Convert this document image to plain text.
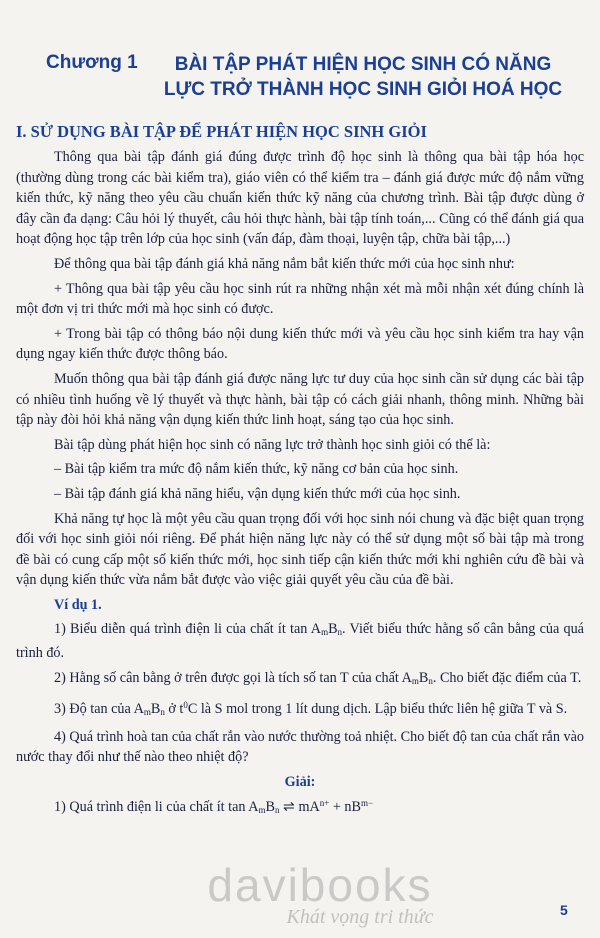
Chương 1	BÀI TẬP PHÁT HIỆN HỌC SINH CÓ NĂNG LỰC TRỞ THÀNH HỌC SINH GIỎI HOÁ HỌC
I. SỬ DỤNG BÀI TẬP ĐỂ PHÁT HIỆN HỌC SINH GIỎI

Thông qua bài tập đánh giá đúng được trình độ học sinh là thông qua bài tập hóa học (thường dùng trong các bài kiểm tra), giáo viên có thể kiểm tra – đánh giá được mức độ nắm vững kiến thức, kỹ năng theo yêu cầu chuẩn kiến thức kỹ năng của chương trình. Bài tập được dùng ở đây cần đa dạng: Câu hỏi lý thuyết, câu hỏi thực hành, bài tập tính toán,... Cũng có thể đánh giá qua hoạt động học tập trên lớp của học sinh (vấn đáp, đàm thoại, luyện tập, chữa bài tập,...)

Để thông qua bài tập đánh giá khả năng nắm bắt kiến thức mới của học sinh như:

+ Thông qua bài tập yêu cầu học sinh rút ra những nhận xét mà mỗi nhận xét đúng chính là một đơn vị tri thức mới mà học sinh có được.

+ Trong bài tập có thông báo nội dung kiến thức mới và yêu cầu học sinh kiểm tra hay vận dụng ngay kiến thức được thông báo.

Muốn thông qua bài tập đánh giá được năng lực tư duy của học sinh cần sử dụng các bài tập có nhiều tình huống về lý thuyết và thực hành, bài tập có cách giải nhanh, thông minh. Những bài tập này đòi hỏi khả năng vận dụng kiến thức linh hoạt, sáng tạo của học sinh.

Bài tập dùng phát hiện học sinh có năng lực trở thành học sinh giỏi có thể là:

– Bài tập kiểm tra mức độ nắm kiến thức, kỹ năng cơ bản của học sinh.

– Bài tập đánh giá khả năng hiểu, vận dụng kiến thức mới của học sinh.

Khả năng tự học là một yêu cầu quan trọng đối với học sinh nói chung và đặc biệt quan trọng đối với học sinh giỏi nói riêng. Để phát hiện năng lực này có thể sử dụng một số bài tập mà trong đề bài có cung cấp một số kiến thức mới, học sinh tiếp cận kiến thức mới khi nghiên cứu đề bài và vận dụng kiến thức vừa nắm bắt được vào việc giải quyết yêu cầu của đề bài.

Ví dụ 1.

1) Biểu diễn quá trình điện li của chất ít $\tan A_mB_n$. Viết biểu thức hằng số cân bằng của quá trình đó.

2) Hằng số cân bằng ở trên được gọi là tích số tan T của chất $A_mB_n$. Cho biết đặc điểm của T.

3) Độ tan của $A_mB_n$ ở $t^0C$ là S mol trong 1 lít dung dịch. Lập biểu thức liên hệ giữa T và S.

4) Quá trình hoà tan của chất rắn vào nước thường toả nhiệt. Cho biết độ tan của chất rắn vào nước thay đổi như thế nào theo nhiệt độ?

Giải:

1) Quá trình điện li của chất ít $\tan A_mB_n$ ⇌ $mA^{n+} + nB^{m-}$

davibooks
Khát vọng tri thức	5
